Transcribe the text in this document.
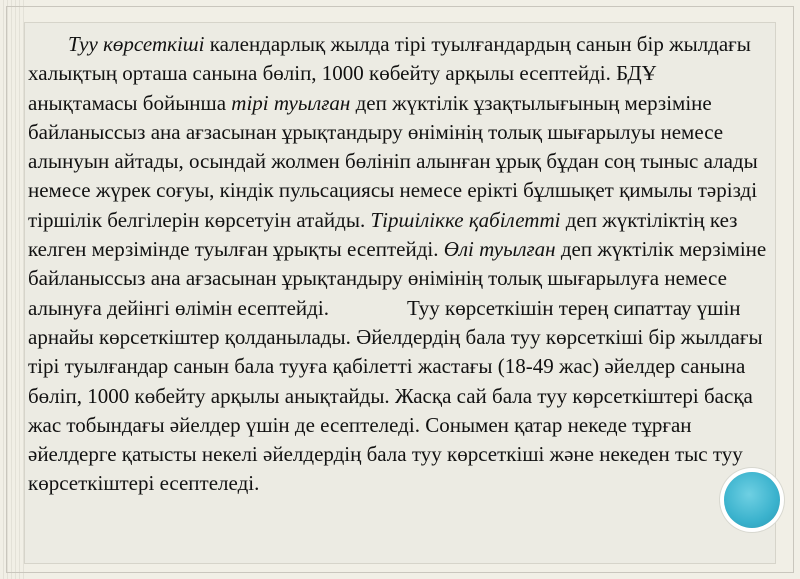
Туу көрсеткіші календарлық жылда тірі туылғандардың санын бір жылдағы халықтың орташа санына бөліп, 1000 көбейту арқылы есептейді. БДҰ анықтамасы бойынша тірі туылған деп жүктілік ұзақтылығының мерзіміне байланыссыз ана ағзасынан ұрықтандыру өнімінің толық шығарылуы немесе алынуын айтады, осындай жолмен бөлініп алынған ұрық бұдан соң тыныс алады немесе жүрек соғуы, кіндік пульсациясы немесе ерікті бұлшықет қимылы тәрізді тіршілік белгілерін көрсетуін атайды. Тіршілікке қабілетті деп жүктіліктің кез келген мерзімінде туылған ұрықты есептейді. Өлі туылған деп жүктілік мерзіміне байланыссыз ана ағзасынан ұрықтандыру өнімінің толық шығарылуға немесе алынуға дейінгі өлімін есептейді.	Туу көрсеткішін терең сипаттау үшін арнайы көрсеткіштер қолданылады. Әйелдердің бала туу көрсеткіші бір жылдағы тірі туылғандар санын бала тууға қабілетті жастағы (18-49 жас) әйелдер санына бөліп, 1000 көбейту арқылы анықтайды. Жасқа сай бала туу көрсеткіштері басқа жас тобындағы әйелдер үшін де есептеледі. Сонымен қатар некеде тұрған әйелдерге қатысты некелі әйелдердің бала туу көрсеткіші және некеден тыс туу көрсеткіштері есептеледі.
